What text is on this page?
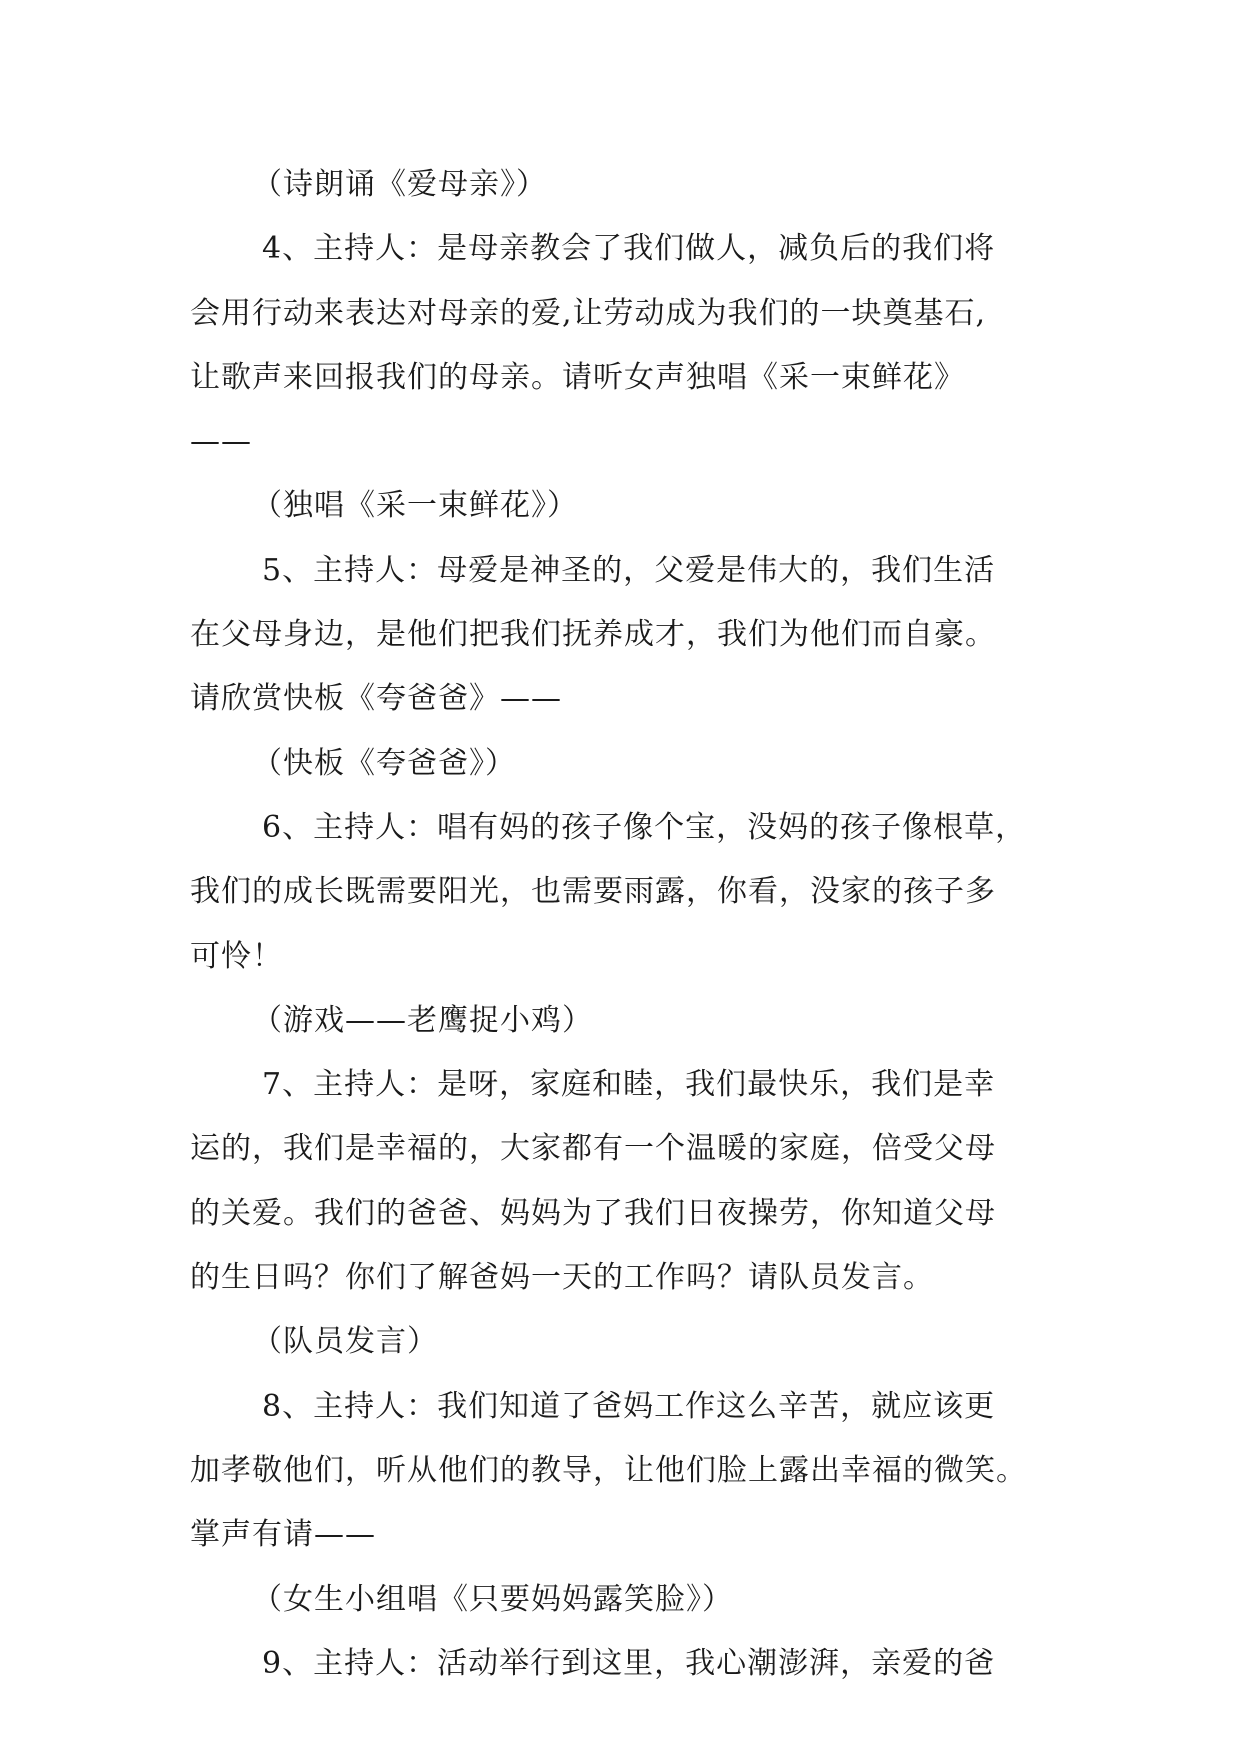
（诗朗诵《爱母亲》）
4、主持人：是母亲教会了我们做人，减负后的我们将
会用行动来表达对母亲的爱,让劳动成为我们的一块奠基石,
让歌声来回报我们的母亲。请听女声独唱《采一束鲜花》
——
（独唱《采一束鲜花》）
5、主持人：母爱是神圣的，父爱是伟大的，我们生活
在父母身边，是他们把我们抚养成才，我们为他们而自豪。
请欣赏快板《夸爸爸》——
（快板《夸爸爸》）
6、主持人：唱有妈的孩子像个宝，没妈的孩子像根草，
我们的成长既需要阳光，也需要雨露，你看，没家的孩子多
可怜！
（游戏——老鹰捉小鸡）
7、主持人：是呀，家庭和睦，我们最快乐，我们是幸
运的，我们是幸福的，大家都有一个温暖的家庭，倍受父母
的关爱。我们的爸爸、妈妈为了我们日夜操劳，你知道父母
的生日吗？你们了解爸妈一天的工作吗？请队员发言。
（队员发言）
8、主持人：我们知道了爸妈工作这么辛苦，就应该更
加孝敬他们，听从他们的教导，让他们脸上露出幸福的微笑。
掌声有请——
（女生小组唱《只要妈妈露笑脸》）
9、主持人：活动举行到这里，我心潮澎湃，亲爱的爸
